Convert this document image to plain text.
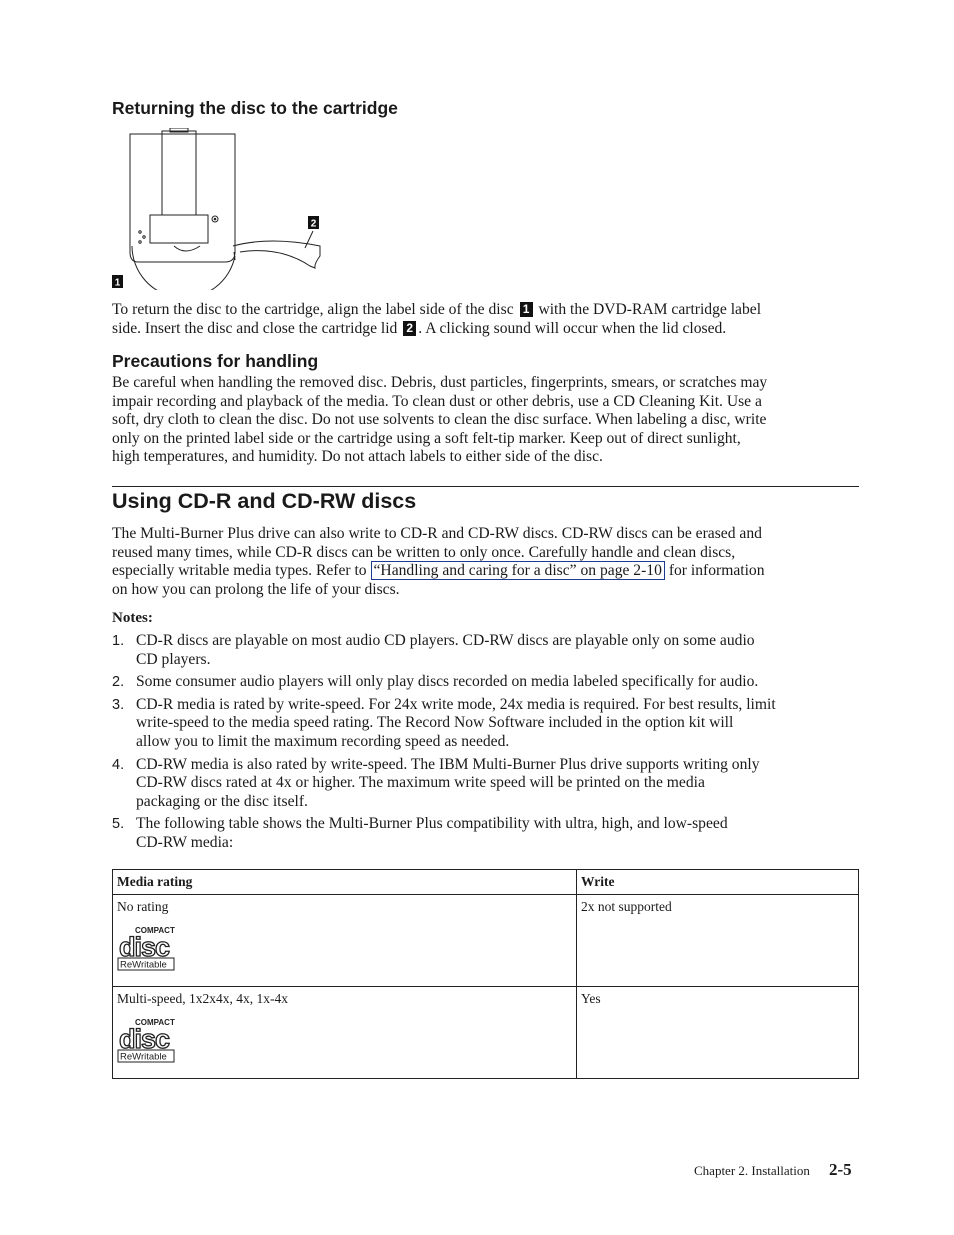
Returning the disc to the cartridge
2
1
To return the disc to the cartridge, align the label side of the disc 1 with the DVD-RAM cartridge label
side. Insert the disc and close the cartridge lid 2 . A clicking sound will occur when the lid closed.
Precautions for handling
Be careful when handling the removed disc. Debris, dust particles, fingerprints, smears, or scratches may
impair recording and playback of the media. To clean dust or other debris, use a CD Cleaning Kit. Use a
soft, dry cloth to clean the disc. Do not use solvents to clean the disc surface. When labeling a disc, write
only on the printed label side or the cartridge using a soft felt-tip marker. Keep out of direct sunlight,
high temperatures, and humidity. Do not attach labels to either side of the disc.
Using CD-R and CD-RW discs
The Multi-Burner Plus drive can also write to CD-R and CD-RW discs. CD-RW discs can be erased and
reused many times, while CD-R discs can be written to only once. Carefully handle and clean discs,
especially writable media types. Refer to “Handling and caring for a disc” on page 2-10 for information
on how you can prolong the life of your discs.
Notes:
1. CD-R discs are playable on most audio CD players. CD-RW discs are playable only on some audio
CD players.
2. Some consumer audio players will only play discs recorded on media labeled specifically for audio.
3. CD-R media is rated by write-speed. For 24x write mode, 24x media is required. For best results, limit
write-speed to the media speed rating. The Record Now Software included in the option kit will
allow you to limit the maximum recording speed as needed.
4. CD-RW media is also rated by write-speed. The IBM Multi-Burner Plus drive supports writing only
CD-RW discs rated at 4x or higher. The maximum write speed will be printed on the media
packaging or the disc itself.
5. The following table shows the Multi-Burner Plus compatibility with ultra, high, and low-speed
CD-RW media:
Media rating	Write

No rating
COMPACT
disc
ReWritable	2x not supported

Multi-speed, 1x2x4x, 4x, 1x-4x
COMPACT
disc
ReWritable	Yes
Chapter 2. Installation 2-5
